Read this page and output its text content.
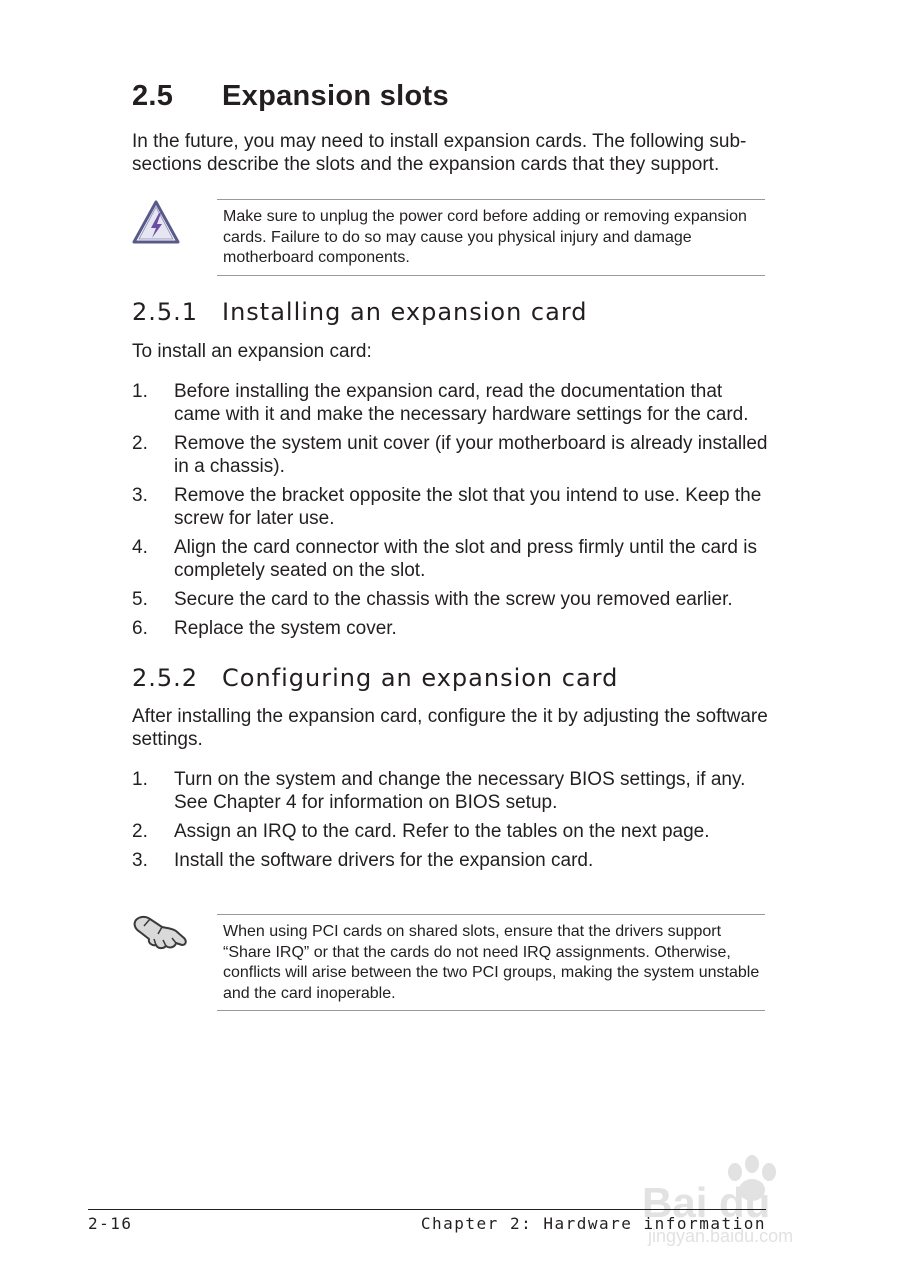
2.5 Expansion slots

In the future, you may need to install expansion cards. The following sub-sections describe the slots and the expansion cards that they support.

Make sure to unplug the power cord before adding or removing expansion cards. Failure to do so may cause you physical injury and damage motherboard components.

2.5.1 Installing an expansion card

To install an expansion card:

1. Before installing the expansion card, read the documentation that came with it and make the necessary hardware settings for the card.
2. Remove the system unit cover (if your motherboard is already installed in a chassis).
3. Remove the bracket opposite the slot that you intend to use. Keep the screw for later use.
4. Align the card connector with the slot and press firmly until the card is completely seated on the slot.
5. Secure the card to the chassis with the screw you removed earlier.
6. Replace the system cover.
2.5.2 Configuring an expansion card

After installing the expansion card, configure the it by adjusting the software settings.

1. Turn on the system and change the necessary BIOS settings, if any. See Chapter 4 for information on BIOS setup.
2. Assign an IRQ to the card. Refer to the tables on the next page.
3. Install the software drivers for the expansion card.

When using PCI cards on shared slots, ensure that the drivers support “Share IRQ” or that the cards do not need IRQ assignments. Otherwise, conflicts will arise between the two PCI groups, making the system unstable and the card inoperable.

Bai du
jingyan.baidu.com
2-16	Chapter 2: Hardware information
